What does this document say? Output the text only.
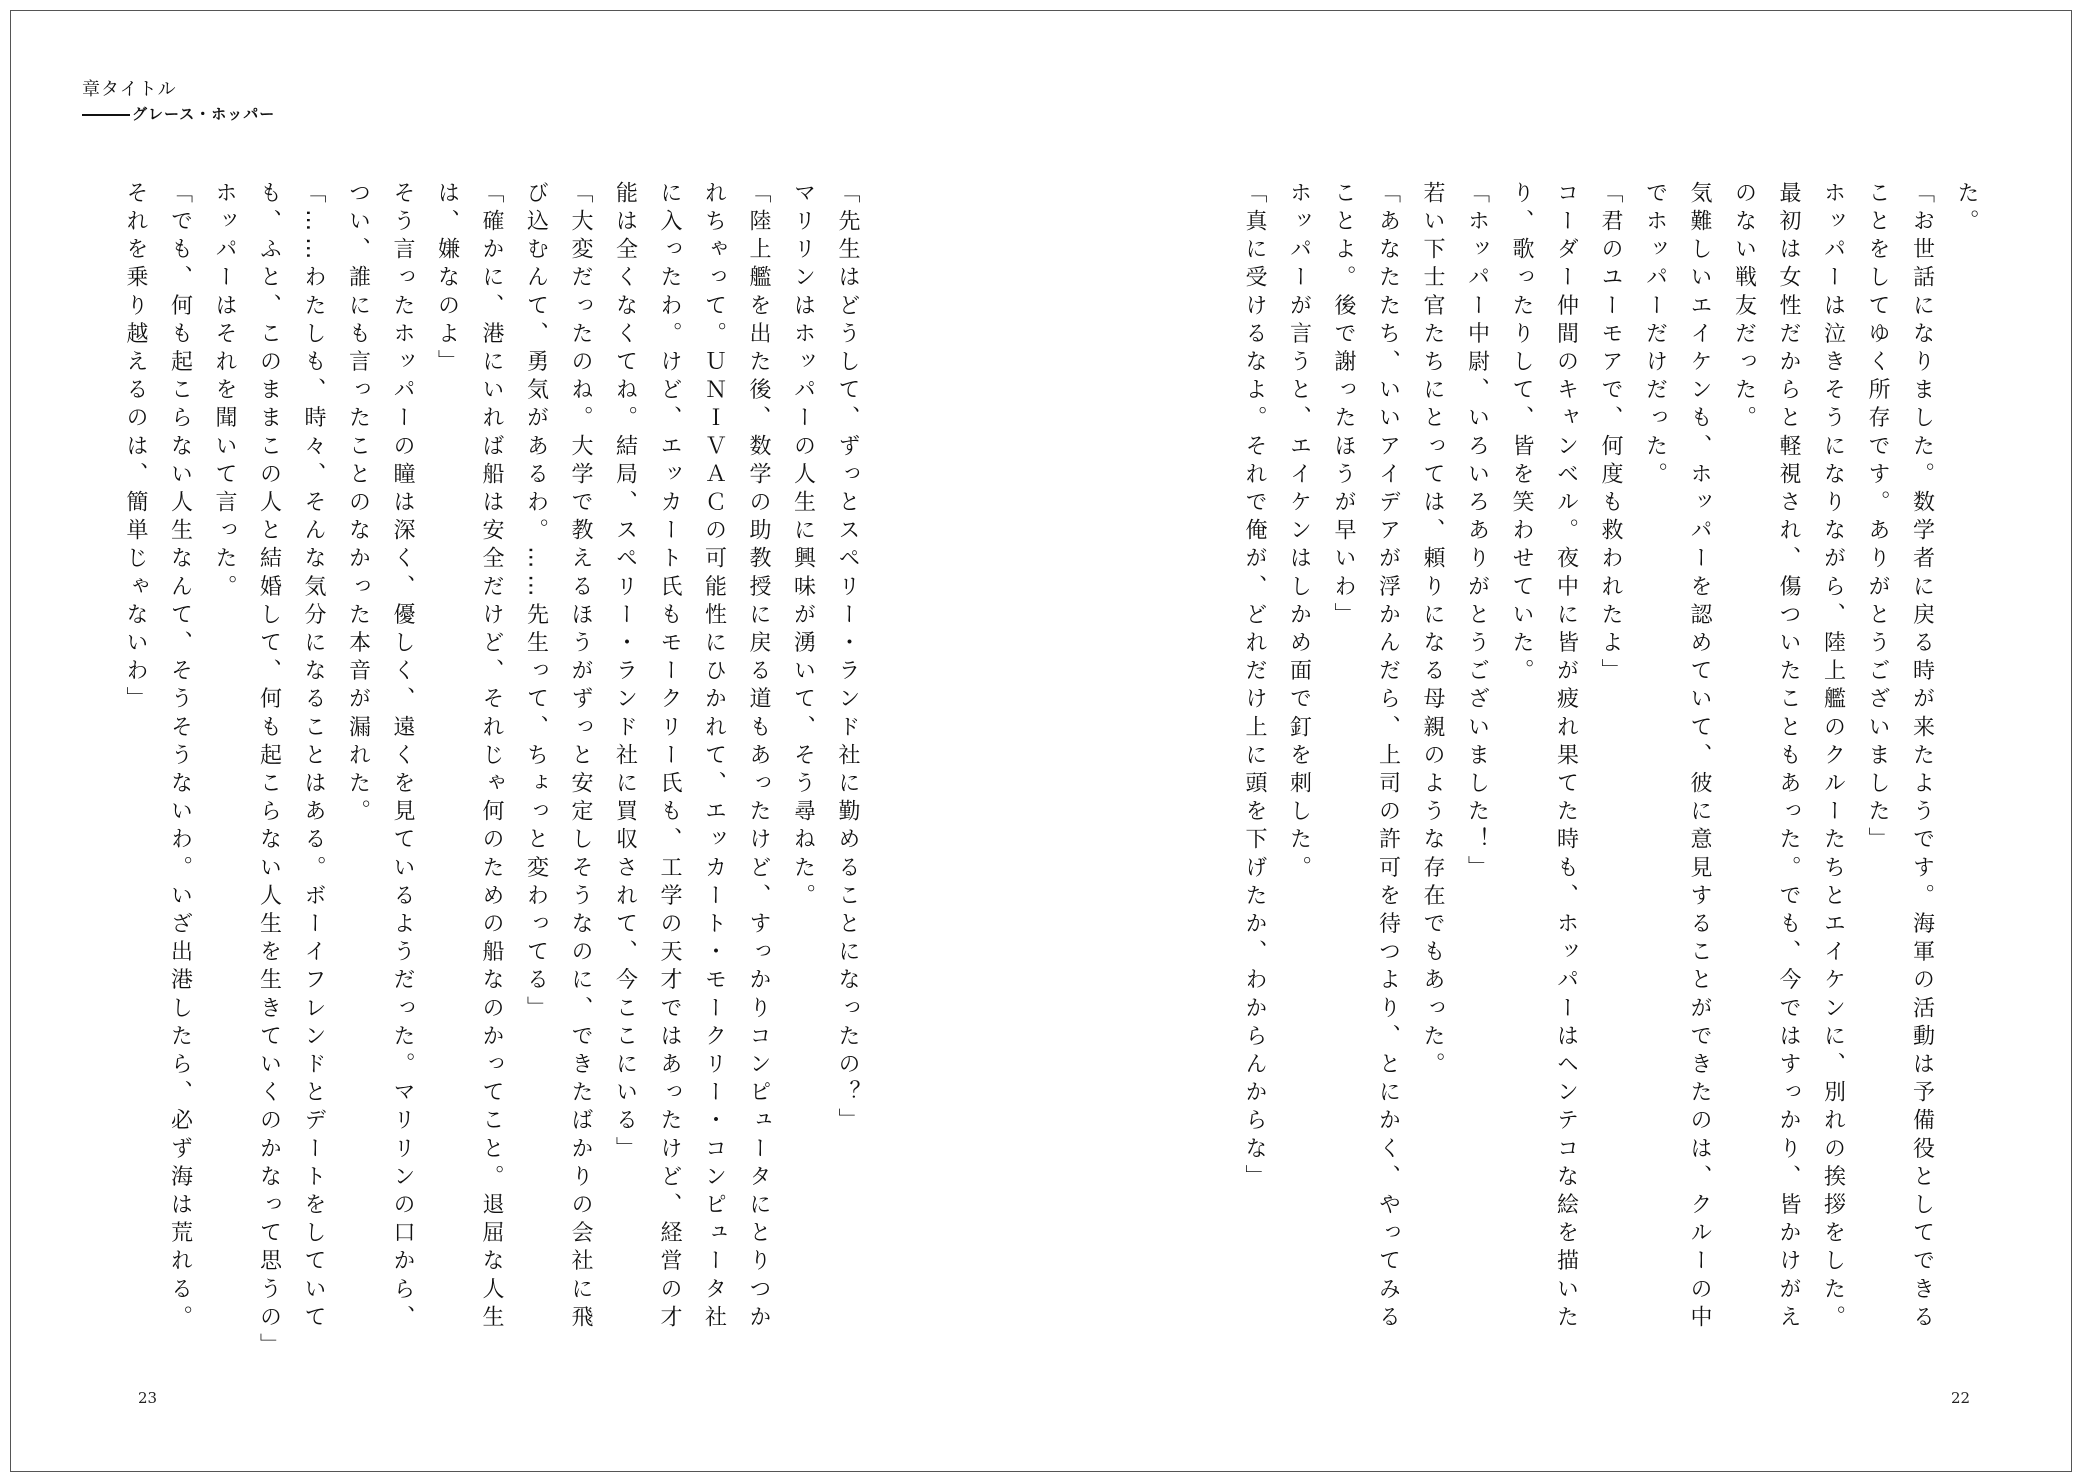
章タイトル
グレース・ホッパー

「先生はどうして、ずっとスペリー・ランド社に勤めることになったの？」

マリリンはホッパーの人生に興味が湧いて、そう尋ねた。

「陸上艦を出た後、数学の助教授に戻る道もあったけど、すっかりコンピュータにとりつかれちゃって。ＵＮＩＶＡＣの可能性にひかれて、エッカート・モークリー・コンピュータ社に入ったわ。けど、エッカート氏もモークリー氏も、工学の天才ではあったけど、経営の才能は全くなくてね。結局、スペリー・ランド社に買収されて、今ここにいる」

「大変だったのね。大学で教えるほうがずっと安定しそうなのに、できたばかりの会社に飛び込むんて、勇気があるわ。……先生って、ちょっと変わってる」

「確かに、港にいれば船は安全だけど、それじゃ何のための船なのかってこと。退屈な人生は、嫌なのよ」

そう言ったホッパーの瞳は深く、優しく、遠くを見ているようだった。マリリンの口から、つい、誰にも言ったことのなかった本音が漏れた。

「……わたしも、時々、そんな気分になることはある。ボーイフレンドとデートをしていても、ふと、このままこの人と結婚して、何も起こらない人生を生きていくのかなって思うの」

ホッパーはそれを聞いて言った。

「でも、何も起こらない人生なんて、そうそうないわ。いざ出港したら、必ず海は荒れる。それを乗り越えるのは、簡単じゃないわ」

23

た。

「お世話になりました。数学者に戻る時が来たようです。海軍の活動は予備役としてできることをしてゆく所存です。ありがとうございました」

ホッパーは泣きそうになりながら、陸上艦のクルーたちとエイケンに、別れの挨拶をした。

最初は女性だからと軽視され、傷ついたこともあった。でも、今ではすっかり、皆かけがえのない戦友だった。

気難しいエイケンも、ホッパーを認めていて、彼に意見することができたのは、クルーの中でホッパーだけだった。

「君のユーモアで、何度も救われたよ」

コーダー仲間のキャンベル。夜中に皆が疲れ果てた時も、ホッパーはヘンテコな絵を描いたり、歌ったりして、皆を笑わせていた。

「ホッパー中尉、いろいろありがとうございました！」

若い下士官たちにとっては、頼りになる母親のような存在でもあった。

「あなたたち、いいアイデアが浮かんだら、上司の許可を待つより、とにかく、やってみることよ。後で謝ったほうが早いわ」

ホッパーが言うと、エイケンはしかめ面で釘を刺した。

「真に受けるなよ。それで俺が、どれだけ上に頭を下げたか、わからんからな」

22
